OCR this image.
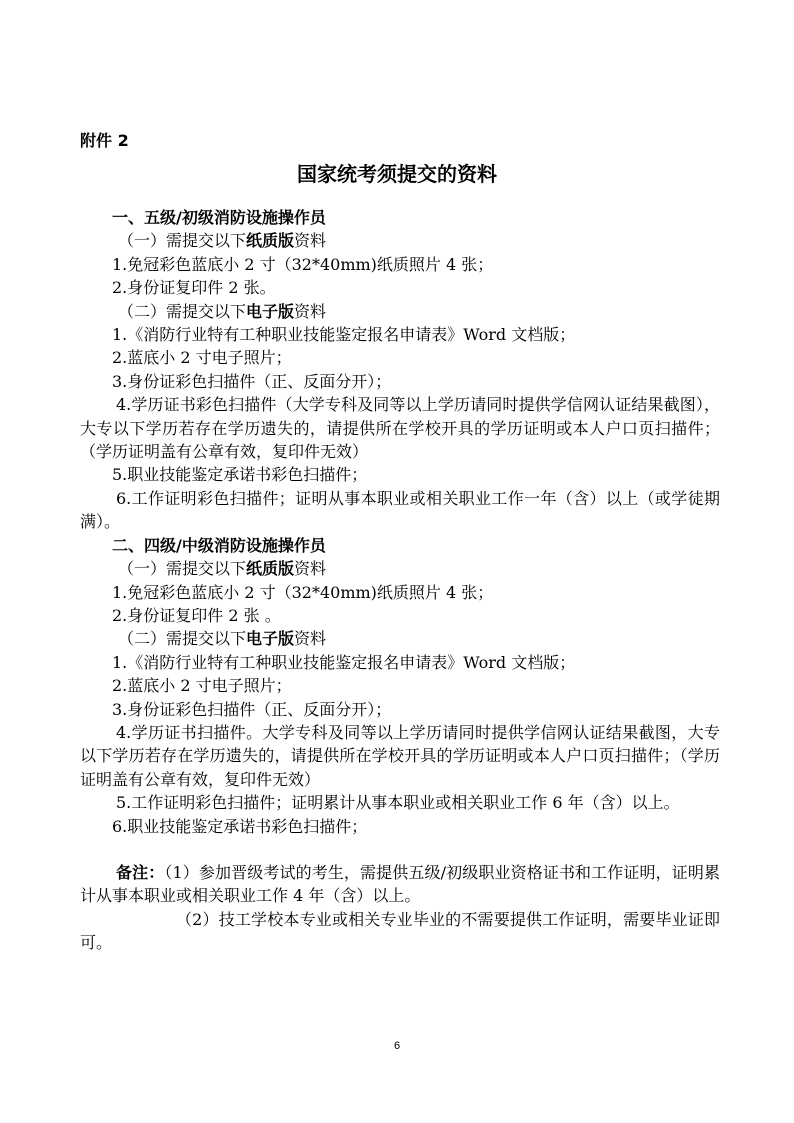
附件 2
国家统考须提交的资料
一、五级/初级消防设施操作员
（一）需提交以下纸质版资料
1.免冠彩色蓝底小 2 寸（32*40mm)纸质照片 4 张；
2.身份证复印件 2 张。
（二）需提交以下电子版资料
1.《消防行业特有工种职业技能鉴定报名申请表》Word 文档版；
2.蓝底小 2 寸电子照片；
3.身份证彩色扫描件（正、反面分开）；
4.学历证书彩色扫描件（大学专科及同等以上学历请同时提供学信网认证结果截图），大专以下学历若存在学历遗失的，请提供所在学校开具的学历证明或本人户口页扫描件；（学历证明盖有公章有效，复印件无效）
5.职业技能鉴定承诺书彩色扫描件；
6.工作证明彩色扫描件；证明从事本职业或相关职业工作一年（含）以上（或学徒期满）。
二、四级/中级消防设施操作员
（一）需提交以下纸质版资料
1.免冠彩色蓝底小 2 寸（32*40mm)纸质照片 4 张；
2.身份证复印件 2 张 。
（二）需提交以下电子版资料
1.《消防行业特有工种职业技能鉴定报名申请表》Word 文档版；
2.蓝底小 2 寸电子照片；
3.身份证彩色扫描件（正、反面分开）；
4.学历证书扫描件。大学专科及同等以上学历请同时提供学信网认证结果截图，大专以下学历若存在学历遗失的，请提供所在学校开具的学历证明或本人户口页扫描件；（学历证明盖有公章有效，复印件无效）
5.工作证明彩色扫描件；证明累计从事本职业或相关职业工作 6 年（含）以上。
6.职业技能鉴定承诺书彩色扫描件；
备注：（1）参加晋级考试的考生，需提供五级/初级职业资格证书和工作证明，证明累计从事本职业或相关职业工作 4 年（含）以上。
（2）技工学校本专业或相关专业毕业的不需要提供工作证明，需要毕业证即可。
6
